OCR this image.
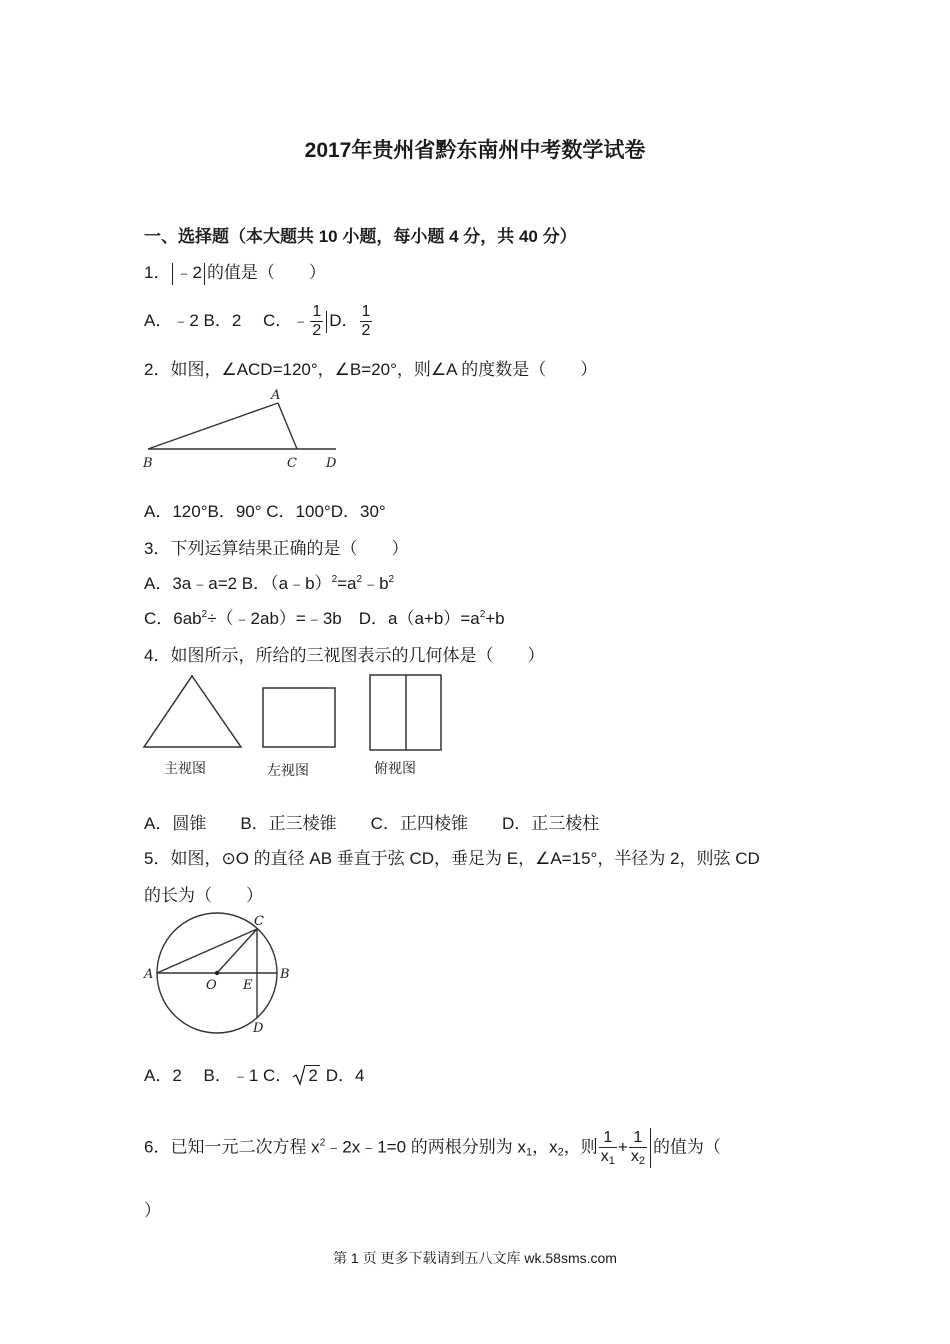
2017年贵州省黔东南州中考数学试卷
一、选择题（本大题共 10 小题，每小题 4 分，共 40 分）
1． ﹣2 的值是（　　）
A．﹣2 B．2　 C．﹣ $\frac{1}{2}$ D． $\frac{1}{2}$
2．如图，∠ACD=120°，∠B=20°，则∠A 的度数是（　　）
A
B	C D
A．120°B．90° C．100°D．30°
3．下列运算结果正确的是（　　）
A．3a﹣a=2 B．$(a﹣b)^2=a^2﹣b^2$
C．$6ab^2\div(﹣2ab)=﹣3b$　D．$a(a+b)=a^2+b$
4．如图所示，所给的三视图表示的几何体是（　　）
主视图	左视图	俯视图
A．圆锥　　B．正三棱锥　　C．正四棱锥　　D．正三棱柱
5．如图，⊙O 的直径 AB 垂直于弦 CD，垂足为 E，∠A=15°，半径为 2，则弦 CD
的长为（　　）
A	B
C
D
O E
A．2　 B．﹣1 C． 2 D．4
6．已知一元二次方程 $x^2﹣2x﹣1=0$ 的两根分别为 $x_1$，$x_2$，则 $\frac{1}{x_1} + \frac{1}{x_2}$ 的值为（
）
第 1 页 更多下载请到五八文库 wk.58sms.com
